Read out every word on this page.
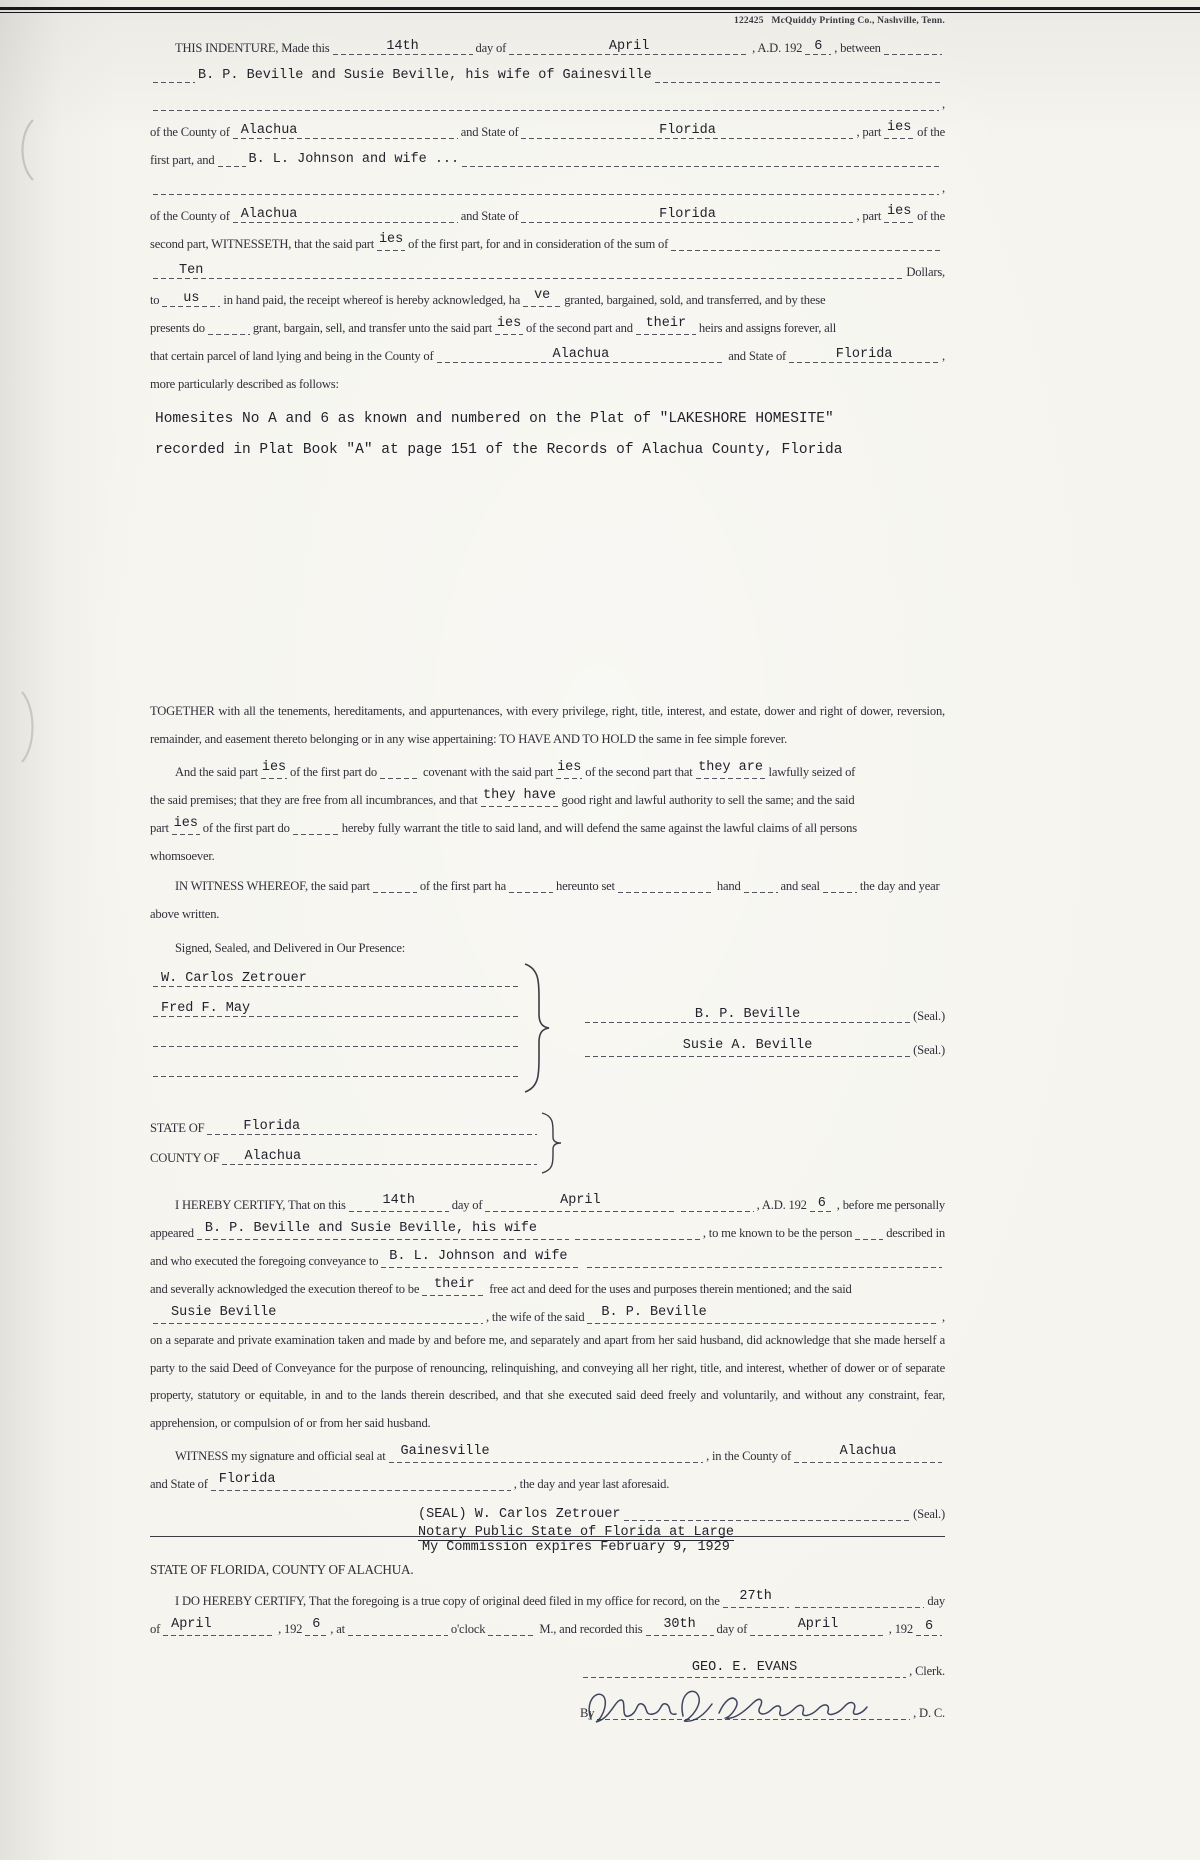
122425 McQuiddy Printing Co., Nashville, Tenn.
THIS INDENTURE, Made this	14th	day of	April	, A.D. 192 6 , between
B. P. Beville and Susie Beville, his wife of Gainesville
,
of the County of Alachua	and State of	Florida	, part ies of the
first part, and	B. L. Johnson and wife ...
,
of the County of Alachua	and State of	Florida	, part ies of the
second part, WITNESSETH, that the said part ies of the first part, for and in consideration of the sum of
Ten	Dollars,
to us in hand paid, the receipt whereof is hereby acknowledged, ha ve granted, bargained, sold, and transferred, and by these
presents do	grant, bargain, sell, and transfer unto the said part ies of the second part and their heirs and assigns forever, all
that certain parcel of land lying and being in the County of	Alachua	and State of	Florida	,
more particularly described as follows:
Homesites No A and 6 as known and numbered on the Plat of "LAKESHORE HOMESITE"
recorded in Plat Book "A" at page 151 of the Records of Alachua County, Florida
TOGETHER with all the tenements, hereditaments, and appurtenances, with every privilege, right, title, interest, and estate, dower and right of dower, reversion, remainder, and easement thereto belonging or in any wise appertaining: TO HAVE AND TO HOLD the same in fee simple forever.
And the said part ies of the first part do	covenant with the said part ies of the second part that they are lawfully seized of
the said premises; that they are free from all incumbrances, and that they have good right and lawful authority to sell the same; and the said
part ies of the first part do	hereby fully warrant the title to said land, and will defend the same against the lawful claims of all persons
whomsoever.
IN WITNESS WHEREOF, the said part	of the first part ha	hereunto set	hand	and seal	the day and year
above written.
Signed, Sealed, and Delivered in Our Presence:
W. Carlos Zetrouer
Fred F. May	B. P. Beville	(Seal.)
Susie A. Beville	(Seal.)
STATE OF	Florida
COUNTY OF Alachua
I HEREBY CERTIFY, That on this	14th	day of	April	, A.D. 192 6 , before me personally
appeared B. P. Beville and Susie Beville, his wife	, to me known to be the person	described in
and who executed the foregoing conveyance to B. L. Johnson and wife
and severally acknowledged the execution thereof to be their free act and deed for the uses and purposes therein mentioned; and the said
Susie Beville	, the wife of the said B. P. Beville	,
on a separate and private examination taken and made by and before me, and separately and apart from her said husband, did acknowledge that she made herself a party to the said Deed of Conveyance for the purpose of renouncing, relinquishing, and conveying all her right, title, and interest, whether of dower or of separate property, statutory or equitable, in and to the lands therein described, and that she executed said deed freely and voluntarily, and without any constraint, fear, apprehension, or compulsion of or from her said husband.
WITNESS my signature and official seal at Gainesville	, in the County of	Alachua
and State of Florida	, the day and year last aforesaid.
(SEAL) W. Carlos Zetrouer	(Seal.)
Notary Public State of Florida at Large
My Commission expires February 9, 1929
STATE OF FLORIDA, COUNTY OF ALACHUA.
I DO HEREBY CERTIFY, That the foregoing is a true copy of original deed filed in my office for record, on the 27th	day
of April	, 192 6 , at	o'clock	M., and recorded this 30th day of	April	, 192 6
GEO. E. EVANS	, Clerk.
By	, D. C.
